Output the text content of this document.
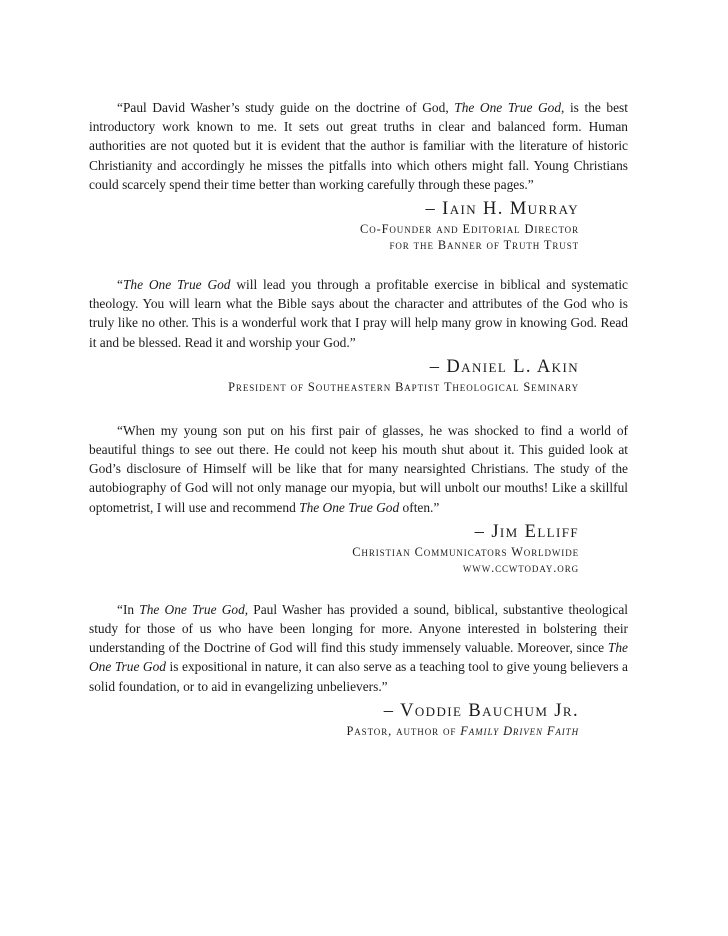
“Paul David Washer’s study guide on the doctrine of God, The One True God, is the best introductory work known to me. It sets out great truths in clear and balanced form. Human authorities are not quoted but it is evident that the author is familiar with the literature of historic Christianity and accordingly he misses the pitfalls into which others might fall. Young Christians could scarcely spend their time better than working carefully through these pages.”

– Iain H. Murray
Co-Founder and Editorial Director
for the Banner of Truth Trust

“The One True God will lead you through a profitable exercise in biblical and systematic theology. You will learn what the Bible says about the character and attributes of the God who is truly like no other. This is a wonderful work that I pray will help many grow in knowing God. Read it and be blessed. Read it and worship your God.”

– Daniel L. Akin
President of Southeastern Baptist Theological Seminary

“When my young son put on his first pair of glasses, he was shocked to find a world of beautiful things to see out there. He could not keep his mouth shut about it. This guided look at God’s disclosure of Himself will be like that for many nearsighted Christians. The study of the autobiography of God will not only manage our myopia, but will unbolt our mouths! Like a skillful optometrist, I will use and recommend The One True God often.”

– Jim Elliff
Christian Communicators Worldwide
www.ccwtoday.org

“In The One True God, Paul Washer has provided a sound, biblical, substantive theological study for those of us who have been longing for more. Anyone interested in bolstering their understanding of the Doctrine of God will find this study immensely valuable. Moreover, since The One True God is expositional in nature, it can also serve as a teaching tool to give young believers a solid foundation, or to aid in evangelizing unbelievers.”

– Voddie Bauchum Jr.
Pastor, author of Family Driven Faith
